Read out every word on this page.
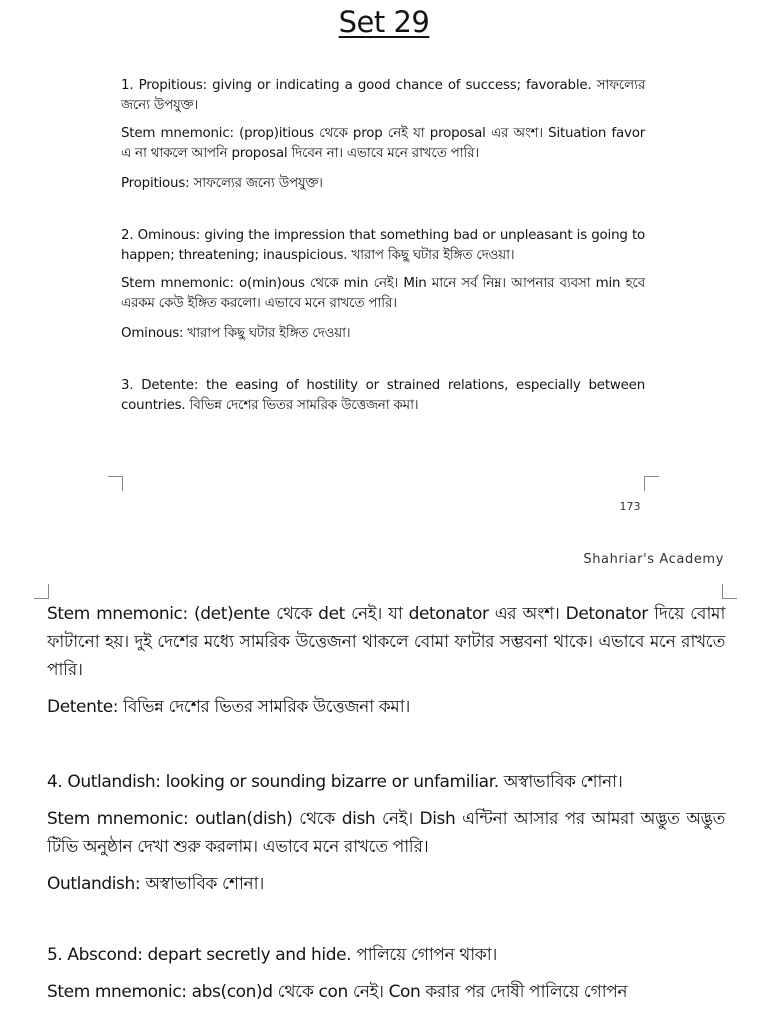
Set 29

1. Propitious: giving or indicating a good chance of success; favorable. সাফল্যের জন্যে উপযুক্ত।

Stem mnemonic: (prop)itious থেকে prop নেই যা proposal এর অংশ। Situation favor এ না থাকলে আপনি proposal দিবেন না। এভাবে মনে রাখতে পারি।

Propitious: সাফল্যের জন্যে উপযুক্ত।

2. Ominous: giving the impression that something bad or unpleasant is going to happen; threatening; inauspicious. খারাপ কিছু ঘটার ইঙ্গিত দেওয়া।

Stem mnemonic: o(min)ous থেকে min নেই। Min মানে সর্ব নিম্ন। আপনার ব্যবসা min হবে এরকম কেউ ইঙ্গিত করলো। এভাবে মনে রাখতে পারি।

Ominous: খারাপ কিছু ঘটার ইঙ্গিত দেওয়া।

3. Detente: the easing of hostility or strained relations, especially between countries. বিভিন্ন দেশের ভিতর সামরিক উত্তেজনা কমা।

173
Shahriar's Academy

Stem mnemonic: (det)ente থেকে det নেই। যা detonator এর অংশ। Detonator দিয়ে বোমা ফাটানো হয়। দুই দেশের মধ্যে সামরিক উত্তেজনা থাকলে বোমা ফাটার সম্ভবনা থাকে। এভাবে মনে রাখতে পারি।

Detente: বিভিন্ন দেশের ভিতর সামরিক উত্তেজনা কমা।

4. Outlandish: looking or sounding bizarre or unfamiliar. অস্বাভাবিক শোনা।

Stem mnemonic: outlan(dish) থেকে dish নেই। Dish এন্টিনা আসার পর আমরা অদ্ভুত অদ্ভুত টিভি অনুষ্ঠান দেখা শুরু করলাম। এভাবে মনে রাখতে পারি।

Outlandish: অস্বাভাবিক শোনা।

5. Abscond: depart secretly and hide. পালিয়ে গোপন থাকা।

Stem mnemonic: abs(con)d থেকে con নেই। Con করার পর দোষী পালিয়ে গোপন
